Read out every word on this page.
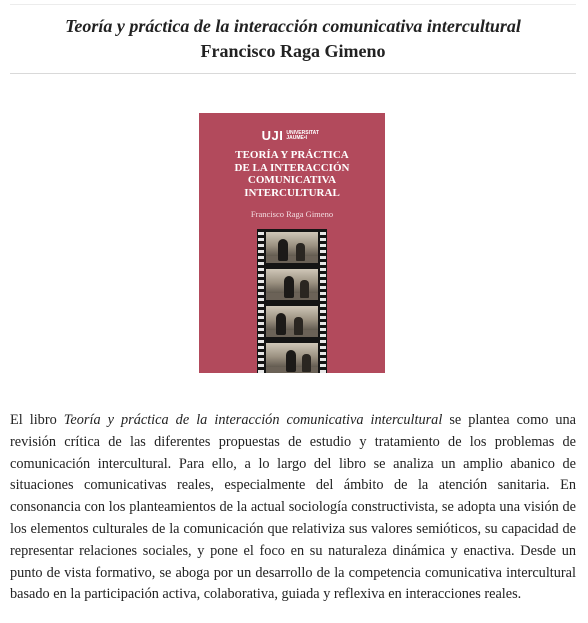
Teoría y práctica de la interacción comunicativa intercultural
Francisco Raga Gimeno
UJI UNIVERSITAT
JAUME•I
TEORÍA Y PRÁCTICA
DE LA INTERACCIÓN
COMUNICATIVA
INTERCULTURAL
Francisco Raga Gimeno

El libro Teoría y práctica de la interacción comunicativa intercultural se plantea como una revisión crítica de las diferentes propuestas de estudio y tratamiento de los problemas de comunicación intercultural. Para ello, a lo largo del libro se analiza un amplio abanico de situaciones comunicativas reales, especialmente del ámbito de la atención sanitaria. En consonancia con los planteamientos de la actual sociología constructivista, se adopta una visión de los elementos culturales de la comunicación que relativiza sus valores semióticos, su capacidad de representar relaciones sociales, y pone el foco en su naturaleza dinámica y enactiva. Desde un punto de vista formativo, se aboga por un desarrollo de la competencia comunicativa intercultural basado en la participación activa, colaborativa, guiada y reflexiva en interacciones reales.
